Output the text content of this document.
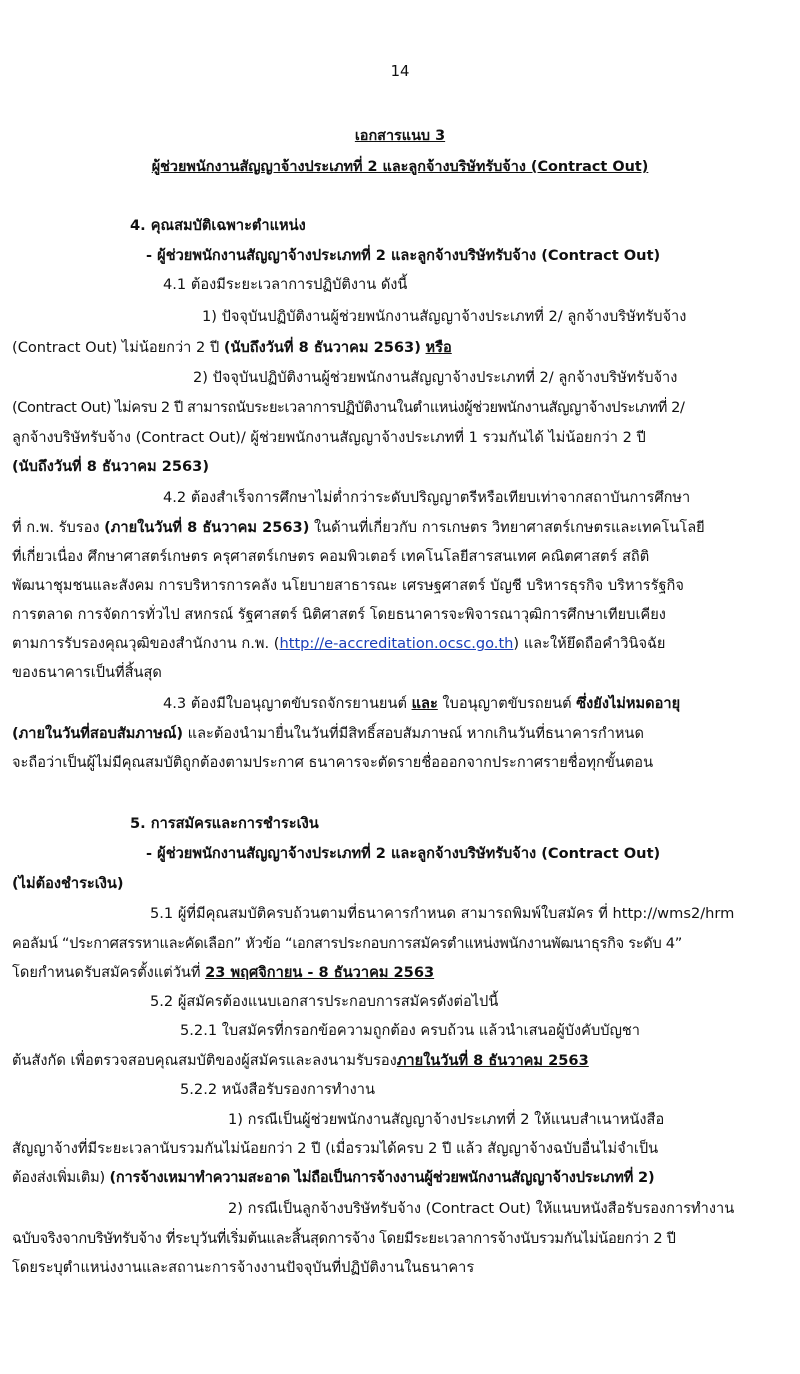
14
เอกสารแนบ 3
ผู้ช่วยพนักงานสัญญาจ้างประเภทที่ 2 และลูกจ้างบริษัทรับจ้าง (Contract Out)
4. คุณสมบัติเฉพาะตำแหน่ง
- ผู้ช่วยพนักงานสัญญาจ้างประเภทที่ 2 และลูกจ้างบริษัทรับจ้าง (Contract Out)
4.1 ต้องมีระยะเวลาการปฏิบัติงาน ดังนี้
1) ปัจจุบันปฏิบัติงานผู้ช่วยพนักงานสัญญาจ้างประเภทที่ 2/ ลูกจ้างบริษัทรับจ้าง
(Contract Out) ไม่น้อยกว่า 2 ปี (นับถึงวันที่ 8 ธันวาคม 2563) หรือ
2) ปัจจุบันปฏิบัติงานผู้ช่วยพนักงานสัญญาจ้างประเภทที่ 2/ ลูกจ้างบริษัทรับจ้าง
(Contract Out) ไม่ครบ 2 ปี สามารถนับระยะเวลาการปฏิบัติงานในตำแหน่งผู้ช่วยพนักงานสัญญาจ้างประเภทที่ 2/
ลูกจ้างบริษัทรับจ้าง (Contract Out)/ ผู้ช่วยพนักงานสัญญาจ้างประเภทที่ 1 รวมกันได้ ไม่น้อยกว่า 2 ปี
(นับถึงวันที่ 8 ธันวาคม 2563)
4.2 ต้องสำเร็จการศึกษาไม่ต่ำกว่าระดับปริญญาตรีหรือเทียบเท่าจากสถาบันการศึกษา
ที่ ก.พ. รับรอง (ภายในวันที่ 8 ธันวาคม 2563) ในด้านที่เกี่ยวกับ การเกษตร วิทยาศาสตร์เกษตรและเทคโนโลยี
ที่เกี่ยวเนื่อง ศึกษาศาสตร์เกษตร ครุศาสตร์เกษตร คอมพิวเตอร์ เทคโนโลยีสารสนเทศ คณิตศาสตร์ สถิติ
พัฒนาชุมชนและสังคม การบริหารการคลัง นโยบายสาธารณะ เศรษฐศาสตร์ บัญชี บริหารธุรกิจ บริหารรัฐกิจ
การตลาด การจัดการทั่วไป สหกรณ์ รัฐศาสตร์ นิติศาสตร์ โดยธนาคารจะพิจารณาวุฒิการศึกษาเทียบเคียง
ตามการรับรองคุณวุฒิของสำนักงาน ก.พ. (http://e-accreditation.ocsc.go.th) และให้ยึดถือคำวินิจฉัย
ของธนาคารเป็นที่สิ้นสุด
4.3 ต้องมีใบอนุญาตขับรถจักรยานยนต์ และ ใบอนุญาตขับรถยนต์ ซึ่งยังไม่หมดอายุ
(ภายในวันที่สอบสัมภาษณ์) และต้องนำมายื่นในวันที่มีสิทธิ์สอบสัมภาษณ์ หากเกินวันที่ธนาคารกำหนด
จะถือว่าเป็นผู้ไม่มีคุณสมบัติถูกต้องตามประกาศ ธนาคารจะตัดรายชื่อออกจากประกาศรายชื่อทุกขั้นตอน
5. การสมัครและการชำระเงิน
- ผู้ช่วยพนักงานสัญญาจ้างประเภทที่ 2 และลูกจ้างบริษัทรับจ้าง (Contract Out)
(ไม่ต้องชำระเงิน)
5.1 ผู้ที่มีคุณสมบัติครบถ้วนตามที่ธนาคารกำหนด สามารถพิมพ์ใบสมัคร ที่ http://wms2/hrm
คอลัมน์ “ประกาศสรรหาและคัดเลือก” หัวข้อ “เอกสารประกอบการสมัครตำแหน่งพนักงานพัฒนาธุรกิจ ระดับ 4”
โดยกำหนดรับสมัครตั้งแต่วันที่ 23 พฤศจิกายน - 8 ธันวาคม 2563
5.2 ผู้สมัครต้องแนบเอกสารประกอบการสมัครดังต่อไปนี้
5.2.1 ใบสมัครที่กรอกข้อความถูกต้อง ครบถ้วน แล้วนำเสนอผู้บังคับบัญชา
ต้นสังกัด เพื่อตรวจสอบคุณสมบัติของผู้สมัครและลงนามรับรองภายในวันที่ 8 ธันวาคม 2563
5.2.2 หนังสือรับรองการทำงาน
1) กรณีเป็นผู้ช่วยพนักงานสัญญาจ้างประเภทที่ 2 ให้แนบสำเนาหนังสือ
สัญญาจ้างที่มีระยะเวลานับรวมกันไม่น้อยกว่า 2 ปี (เมื่อรวมได้ครบ 2 ปี แล้ว สัญญาจ้างฉบับอื่นไม่จำเป็น
ต้องส่งเพิ่มเติม) (การจ้างเหมาทำความสะอาด ไม่ถือเป็นการจ้างงานผู้ช่วยพนักงานสัญญาจ้างประเภทที่ 2)
2) กรณีเป็นลูกจ้างบริษัทรับจ้าง (Contract Out) ให้แนบหนังสือรับรองการทำงาน
ฉบับจริงจากบริษัทรับจ้าง ที่ระบุวันที่เริ่มต้นและสิ้นสุดการจ้าง โดยมีระยะเวลาการจ้างนับรวมกันไม่น้อยกว่า 2 ปี
โดยระบุตำแหน่งงานและสถานะการจ้างงานปัจจุบันที่ปฏิบัติงานในธนาคาร
